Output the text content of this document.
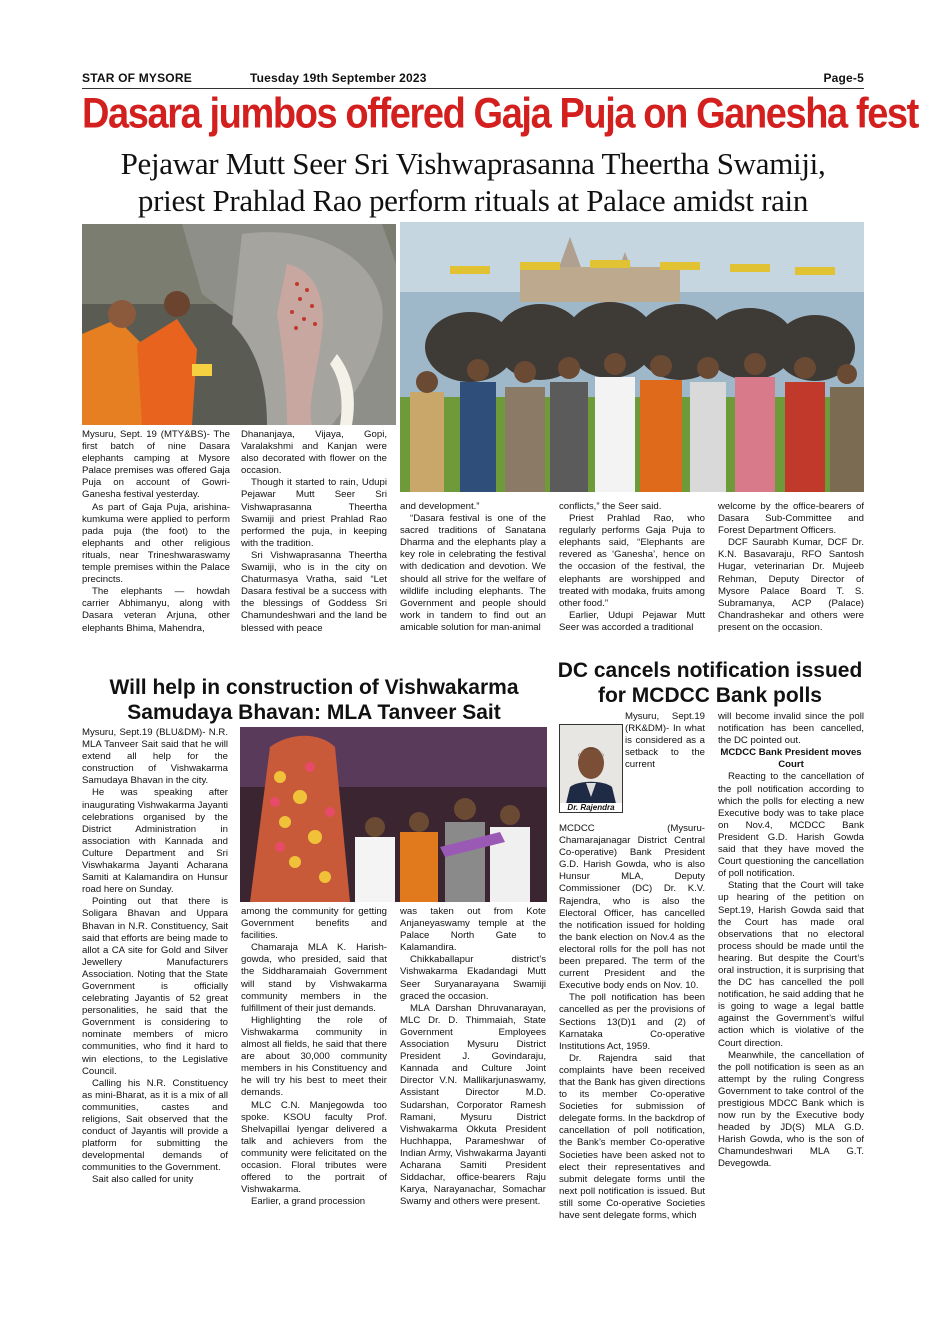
STAR OF MYSORE	Tuesday 19th September 2023	Page-5
Dasara jumbos offered Gaja Puja on Ganesha fest
Pejawar Mutt Seer Sri Vishwaprasanna Theertha Swamiji,
priest Prahlad Rao perform rituals at Palace amidst rain

Mysuru, Sept. 19 (MTY&BS)- The first batch of nine Dasara elephants camping at Mysore Palace premises was offered Gaja Puja on account of Gowri-Ganesha festival yesterday.

As part of Gaja Puja, arishina-kumkuma were applied to perform pada puja (the foot) to the elephants and other religious rituals, near Trineshwaraswamy temple premises within the Palace precincts.

The elephants — howdah carrier Abhimanyu, along with Dasara veteran Arjuna, other elephants Bhima, Mahendra,

Dhananjaya, Vijaya, Gopi, Varalakshmi and Kanjan were also decorated with flower on the occasion.

Though it started to rain, Udupi Pejawar Mutt Seer Sri Vishwaprasanna Theertha Swamiji and priest Prahlad Rao performed the puja, in keeping with the tradition.

Sri Vishwaprasanna Theertha Swamiji, who is in the city on Chaturmasya Vratha, said “Let Dasara festival be a success with the blessings of Goddess Sri Chamundeshwari and the land be blessed with peace

and development.”

“Dasara festival is one of the sacred traditions of Sanatana Dharma and the elephants play a key role in celebrating the festival with dedication and devotion. We should all strive for the welfare of wildlife including elephants. The Government and people should work in tandem to find out an amicable solution for man-animal

conflicts,” the Seer said.

Priest Prahlad Rao, who regularly performs Gaja Puja to elephants said, “Elephants are revered as ‘Ganesha’, hence on the occasion of the festival, the elephants are worshipped and treated with modaka, fruits among other food.”

Earlier, Udupi Pejawar Mutt Seer was accorded a traditional

welcome by the office-bearers of Dasara Sub-Committee and Forest Department Officers.

DCF Saurabh Kumar, DCF Dr. K.N. Basavaraju, RFO Santosh Hugar, veterinarian Dr. Mujeeb Rehman, Deputy Director of Mysore Palace Board T. S. Subramanya, ACP (Palace) Chandrashekar and others were present on the occasion.

Will help in construction of Vishwakarma
Samudaya Bhavan: MLA Tanveer Sait

Mysuru, Sept.19 (BLU&DM)- N.R. MLA Tanveer Sait said that he will extend all help for the construction of Vishwakarma Samudaya Bhavan in the city.

He was speaking after inaugurating Vishwakarma Jayanti celebrations organised by the District Administration in association with Kannada and Culture Department and Sri Viswhakarma Jayanti Acharana Samiti at Kalamandira on Hunsur road here on Sunday.

Pointing out that there is Soligara Bhavan and Uppara Bhavan in N.R. Constituency, Sait said that efforts are being made to allot a CA site for Gold and Silver Jewellery Manufacturers Association. Noting that the State Government is officially celebrating Jayantis of 52 great personalities, he said that the Government is considering to nominate members of micro communities, who find it hard to win elections, to the Legislative Council.

Calling his N.R. Constituency as mini-Bharat, as it is a mix of all communities, castes and religions, Sait observed that the conduct of Jayantis will provide a platform for submitting the developmental demands of communities to the Government.

Sait also called for unity

among the community for getting Government benefits and facilities.

Chamaraja MLA K. Harish-gowda, who presided, said that the Siddharamaiah Government will stand by Vishwakarma community members in the fulfillment of their just demands.

Highlighting the role of Vishwakarma community in almost all fields, he said that there are about 30,000 community members in his Constituency and he will try his best to meet their demands.

MLC C.N. Manjegowda too spoke. KSOU faculty Prof. Shelvapillai Iyengar delivered a talk and achievers from the community were felicitated on the occasion. Floral tributes were offered to the portrait of Vishwakarma.

Earlier, a grand procession

was taken out from Kote Anjaneyaswamy temple at the Palace North Gate to Kalamandira.

Chikkaballapur district’s Vishwakarma Ekadandagi Mutt Seer Suryanarayana Swamiji graced the occasion.

MLA Darshan Dhruvanarayan, MLC Dr. D. Thimmaiah, State Government Employees Association Mysuru District President J. Govindaraju, Kannada and Culture Joint Director V.N. Mallikarjunaswamy, Assistant Director M.D. Sudarshan, Corporator Ramesh Ramani, Mysuru District Vishwakarma Okkuta President Huchhappa, Parameshwar of Indian Army, Vishwakarma Jayanti Acharana Samiti President Siddachar, office-bearers Raju Karya, Narayanachar, Somachar Swamy and others were present.

DC cancels notification issued
for MCDCC Bank polls
Dr. Rajendra

Mysuru, Sept.19 (RK&DM)- In what is considered as a setback to the current

MCDCC (Mysuru-Chamarajanagar District Central Co-operative) Bank President G.D. Harish Gowda, who is also Hunsur MLA, Deputy Commissioner (DC) Dr. K.V. Rajendra, who is also the Electoral Officer, has cancelled the notification issued for holding the bank election on Nov.4 as the electoral rolls for the poll has not been prepared. The term of the current President and the Executive body ends on Nov. 10.

The poll notification has been cancelled as per the provisions of Sections 13(D)1 and (2) of Karnataka Co-operative Institutions Act, 1959.

Dr. Rajendra said that complaints have been received that the Bank has given directions to its member Co-operative Societies for submission of delegate forms. In the backdrop of cancellation of poll notification, the Bank’s member Co-operative Societies have been asked not to elect their representatives and submit delegate forms until the next poll notification is issued. But still some Co-operative Societies have sent delegate forms, which

will become invalid since the poll notification has been cancelled, the DC pointed out.

MCDCC Bank President moves Court

Reacting to the cancellation of the poll notification according to which the polls for electing a new Executive body was to take place on Nov.4, MCDCC Bank President G.D. Harish Gowda said that they have moved the Court questioning the cancellation of poll notification.

Stating that the Court will take up hearing of the petition on Sept.19, Harish Gowda said that the Court has made oral observations that no electoral process should be made until the hearing. But despite the Court’s oral instruction, it is surprising that the DC has cancelled the poll notification, he said adding that he is going to wage a legal battle against the Government’s wilful action which is violative of the Court direction.

Meanwhile, the cancellation of the poll notification is seen as an attempt by the ruling Congress Government to take control of the prestigious MDCC Bank which is now run by the Executive body headed by JD(S) MLA G.D. Harish Gowda, who is the son of Chamundeshwari MLA G.T. Devegowda.
